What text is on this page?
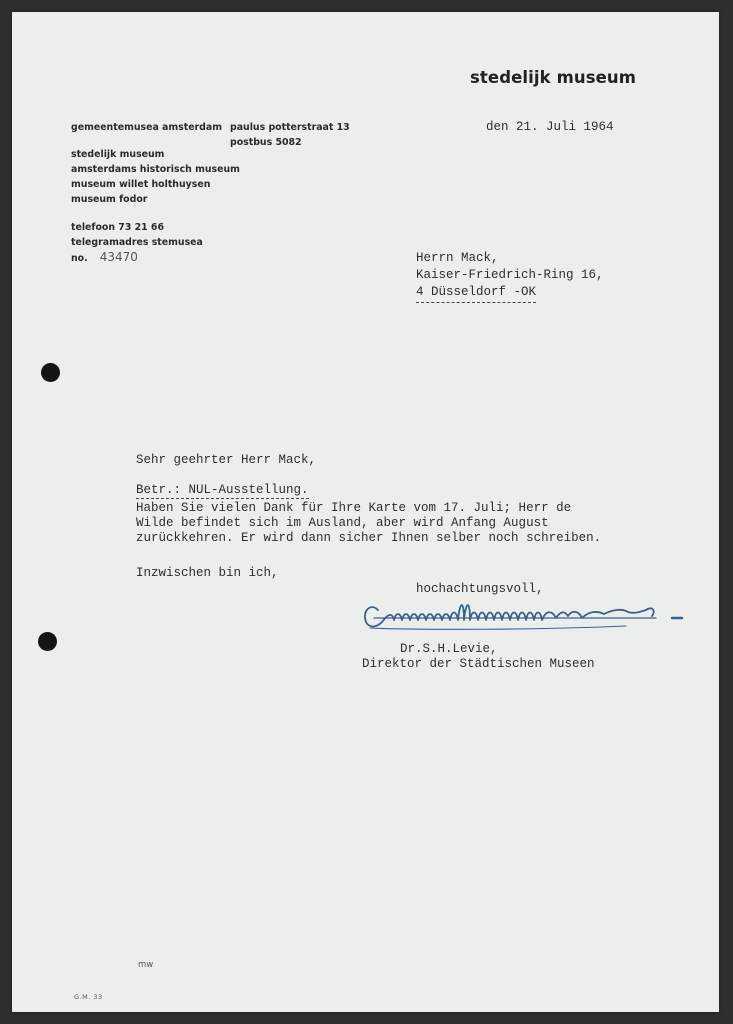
stedelijk museum
gemeentemusea amsterdam
stedelijk museum
amsterdams historisch museum
museum willet holthuysen
museum fodor
paulus potterstraat 13
postbus 5082
telefoon 73 21 66
telegramadres stemusea
no. 43470
den 21. Juli 1964
Herrn Mack,
Kaiser-Friedrich-Ring 16,
4 Düsseldorf -OK
Sehr geehrter Herr Mack,
Betr.: NUL-Ausstellung.
Haben Sie vielen Dank für Ihre Karte vom 17. Juli; Herr de
Wilde befindet sich im Ausland, aber wird Anfang August
zurückkehren. Er wird dann sicher Ihnen selber noch schreiben.
Inzwischen bin ich,
hochachtungsvoll,
Dr.S.H.Levie,
Direktor der Städtischen Museen
mw
G.M. 33
